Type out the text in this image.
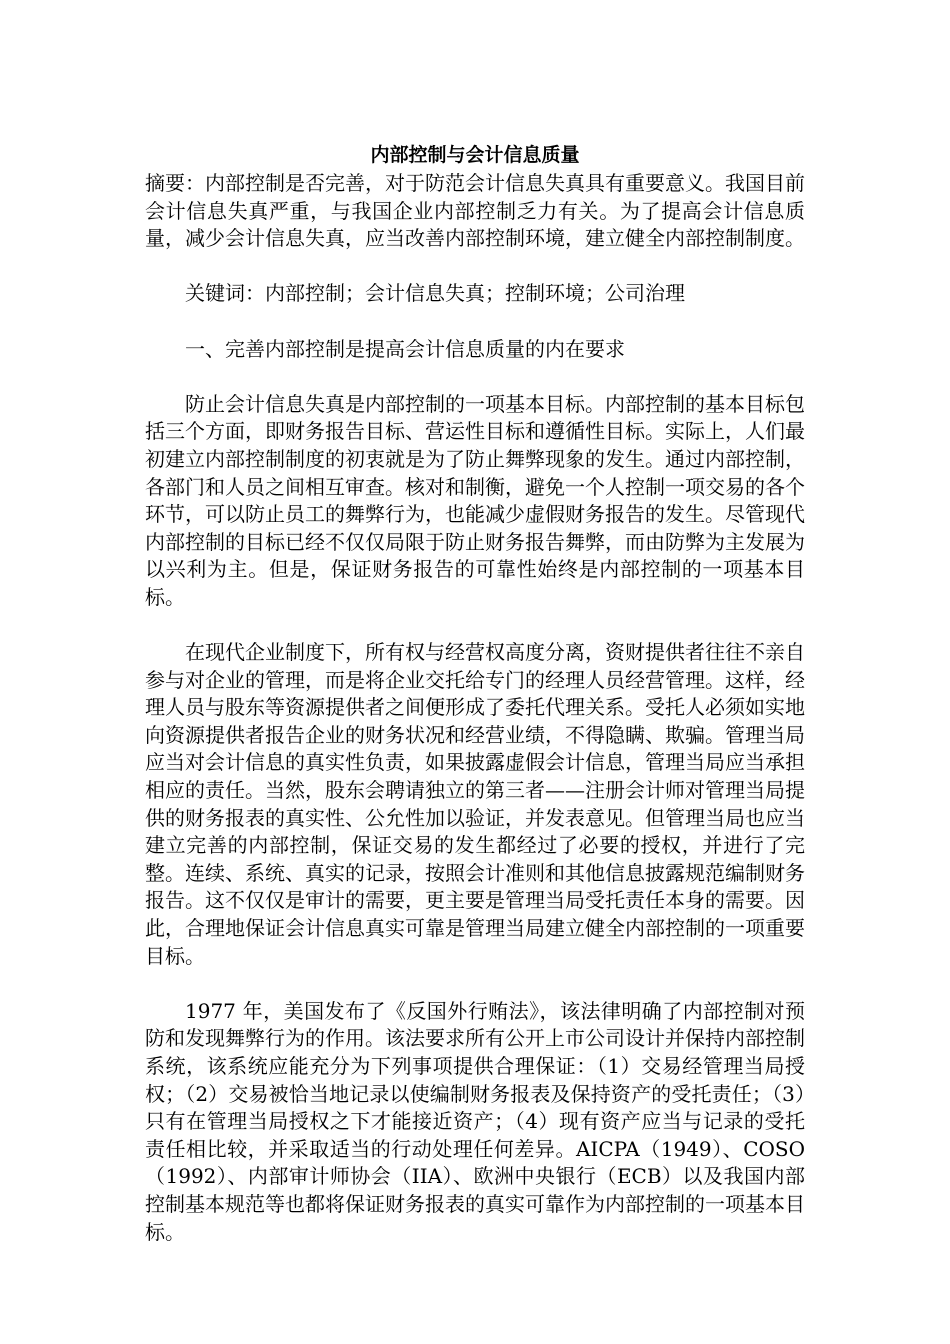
内部控制与会计信息质量

摘要：内部控制是否完善，对于防范会计信息失真具有重要意义。我国目前会计信息失真严重，与我国企业内部控制乏力有关。为了提高会计信息质量，减少会计信息失真，应当改善内部控制环境，建立健全内部控制制度。

关键词：内部控制；会计信息失真；控制环境；公司治理

一、完善内部控制是提高会计信息质量的内在要求

防止会计信息失真是内部控制的一项基本目标。内部控制的基本目标包括三个方面，即财务报告目标、营运性目标和遵循性目标。实际上，人们最初建立内部控制制度的初衷就是为了防止舞弊现象的发生。通过内部控制，各部门和人员之间相互审查。核对和制衡，避免一个人控制一项交易的各个环节，可以防止员工的舞弊行为，也能减少虚假财务报告的发生。尽管现代内部控制的目标已经不仅仅局限于防止财务报告舞弊，而由防弊为主发展为以兴利为主。但是，保证财务报告的可靠性始终是内部控制的一项基本目标。

在现代企业制度下，所有权与经营权高度分离，资财提供者往往不亲自参与对企业的管理，而是将企业交托给专门的经理人员经营管理。这样，经理人员与股东等资源提供者之间便形成了委托代理关系。受托人必须如实地向资源提供者报告企业的财务状况和经营业绩，不得隐瞒、欺骗。管理当局应当对会计信息的真实性负责，如果披露虚假会计信息，管理当局应当承担相应的责任。当然，股东会聘请独立的第三者——注册会计师对管理当局提供的财务报表的真实性、公允性加以验证，并发表意见。但管理当局也应当建立完善的内部控制，保证交易的发生都经过了必要的授权，并进行了完整。连续、系统、真实的记录，按照会计准则和其他信息披露规范编制财务报告。这不仅仅是审计的需要，更主要是管理当局受托责任本身的需要。因此，合理地保证会计信息真实可靠是管理当局建立健全内部控制的一项重要目标。

1977 年，美国发布了《反国外行贿法》，该法律明确了内部控制对预防和发现舞弊行为的作用。该法要求所有公开上市公司设计并保持内部控制系统，该系统应能充分为下列事项提供合理保证：（1）交易经管理当局授权；（2）交易被恰当地记录以使编制财务报表及保持资产的受托责任；（3）只有在管理当局授权之下才能接近资产；（4）现有资产应当与记录的受托责任相比较，并采取适当的行动处理任何差异。AICPA（1949）、COSO（1992）、内部审计师协会（IIA）、欧洲中央银行（ECB）以及我国内部控制基本规范等也都将保证财务报表的真实可靠作为内部控制的一项基本目标。
